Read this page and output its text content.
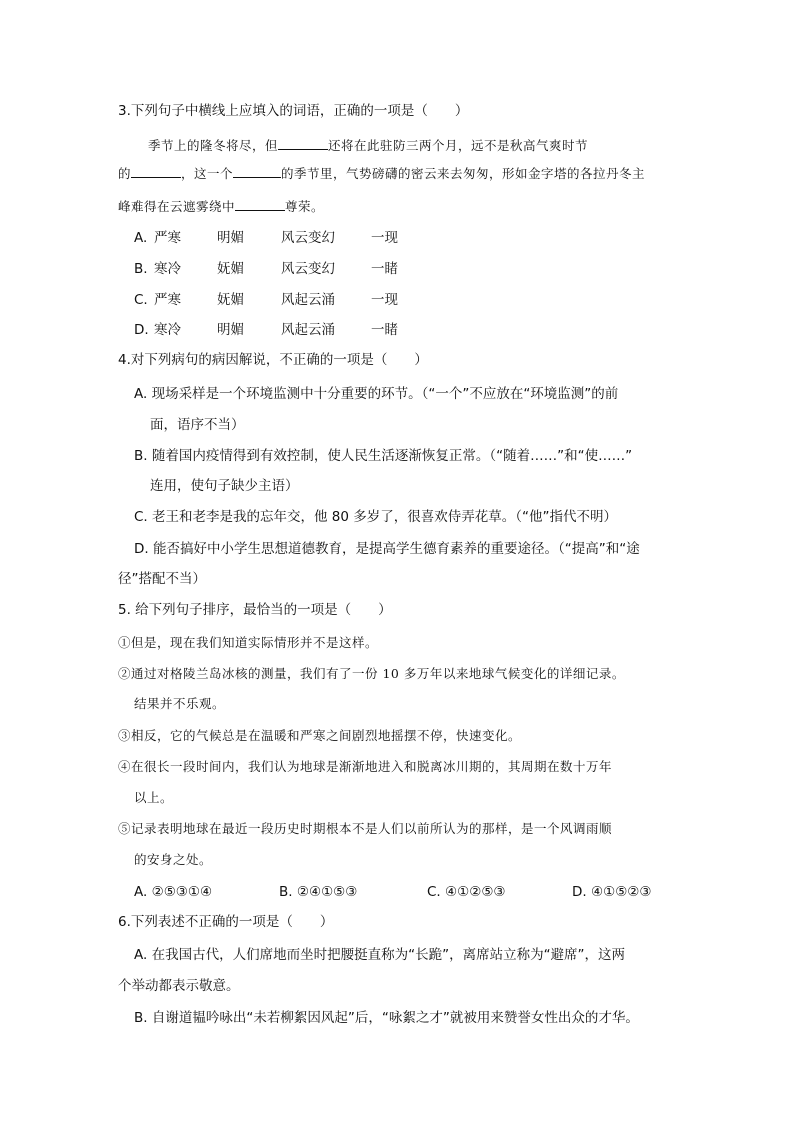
3.下列句子中横线上应填入的词语，正确的一项是（　　）
季节上的隆冬将尽，但	还将在此驻防三两个月，远不是秋高气爽时节
的	，这一个	的季节里，气势磅礴的密云来去匆匆，形如金字塔的各拉丹冬主
峰难得在云遮雾绕中	尊荣。
A. 严寒	明媚	风云变幻	一现
B. 寒冷	妩媚	风云变幻	一睹
C. 严寒	妩媚	风起云涌	一现
D. 寒冷	明媚	风起云涌	一睹
4.对下列病句的病因解说，不正确的一项是（　　）
A. 现场采样是一个环境监测中十分重要的环节。（“一个”不应放在“环境监测”的前
面，语序不当）
B. 随着国内疫情得到有效控制，使人民生活逐渐恢复正常。（“随着……”和“使……”
连用，使句子缺少主语）
C. 老王和老李是我的忘年交，他 80 多岁了，很喜欢侍弄花草。（“他”指代不明）
D. 能否搞好中小学生思想道德教育，是提高学生德育素养的重要途径。（“提高”和“途
径”搭配不当）
5. 给下列句子排序，最恰当的一项是（　　）
①但是，现在我们知道实际情形并不是这样。
②通过对格陵兰岛冰核的测量，我们有了一份 10 多万年以来地球气候变化的详细记录。
结果并不乐观。
③相反，它的气候总是在温暖和严寒之间剧烈地摇摆不停，快速变化。
④在很长一段时间内，我们认为地球是渐渐地进入和脱离冰川期的，其周期在数十万年
以上。
⑤记录表明地球在最近一段历史时期根本不是人们以前所认为的那样，是一个风调雨顺
的安身之处。
A. ②⑤③①④	B. ②④①⑤③	C. ④①②⑤③	D. ④①⑤②③
6.下列表述不正确的一项是（　　）
A. 在我国古代，人们席地而坐时把腰挺直称为“长跪”，离席站立称为“避席”，这两
个举动都表示敬意。
B. 自谢道韫吟咏出“未若柳絮因风起”后，“咏絮之才”就被用来赞誉女性出众的才华。
